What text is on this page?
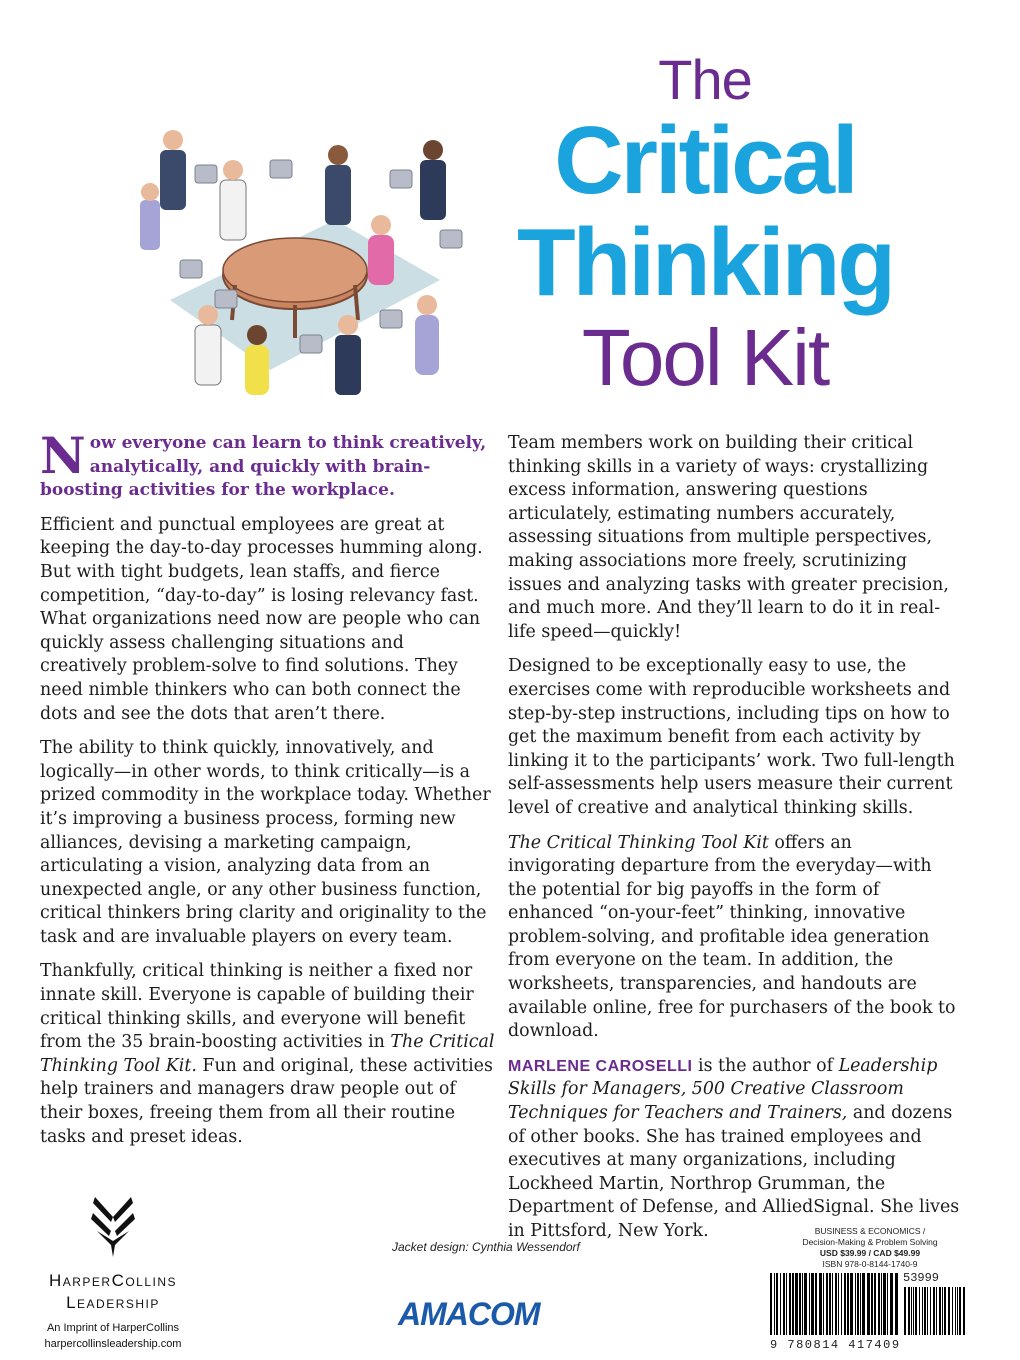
The
Critical
Thinking
Tool Kit

Now everyone can learn to think creatively, analytically, and quickly with brain-boosting activities for the workplace.

Efficient and punctual employees are great at keeping the day-to-day processes humming along. But with tight budgets, lean staffs, and fierce competition, “day-to-day” is losing relevancy fast. What organizations need now are people who can quickly assess challenging situations and creatively problem-solve to find solutions. They need nimble thinkers who can both connect the dots and see the dots that aren’t there.

The ability to think quickly, innovatively, and logically—in other words, to think critically—is a prized commodity in the workplace today. Whether it’s improving a business process, forming new alliances, devising a marketing campaign, articulating a vision, analyzing data from an unexpected angle, or any other business function, critical thinkers bring clarity and originality to the task and are invaluable players on every team.

Thankfully, critical thinking is neither a fixed nor innate skill. Everyone is capable of building their critical thinking skills, and everyone will benefit from the 35 brain-boosting activities in The Critical Thinking Tool Kit. Fun and original, these activities help trainers and managers draw people out of their boxes, freeing them from all their routine tasks and preset ideas.

Team members work on building their critical thinking skills in a variety of ways: crystallizing excess information, answering questions articulately, estimating numbers accurately, assessing situations from multiple perspectives, making associations more freely, scrutinizing issues and analyzing tasks with greater precision, and much more. And they’ll learn to do it in real-life speed—quickly!

Designed to be exceptionally easy to use, the exercises come with reproducible worksheets and step-by-step instructions, including tips on how to get the maximum benefit from each activity by linking it to the participants’ work. Two full-length self-assessments help users measure their current level of creative and analytical thinking skills.

The Critical Thinking Tool Kit offers an invigorating departure from the everyday—with the potential for big payoffs in the form of enhanced “on-your-feet” thinking, innovative problem-solving, and profitable idea generation from everyone on the team. In addition, the worksheets, transparencies, and handouts are available online, free for purchasers of the book to download.

MARLENE CAROSELLI is the author of Leadership Skills for Managers, 500 Creative Classroom Techniques for Teachers and Trainers, and dozens of other books. She has trained employees and executives at many organizations, including Lockheed Martin, Northrop Grumman, the Department of Defense, and AlliedSignal. She lives in Pittsford, New York.

HarperCollins
Leadership
An Imprint of HarperCollins
harpercollinsleadership.com
Jacket design: Cynthia Wessendorf
AMACOM
BUSINESS & ECONOMICS /
Decision-Making & Problem Solving
USD $39.99 / CAD $49.99
ISBN 978-0-8144-1740-9
53999
9 780814 417409
